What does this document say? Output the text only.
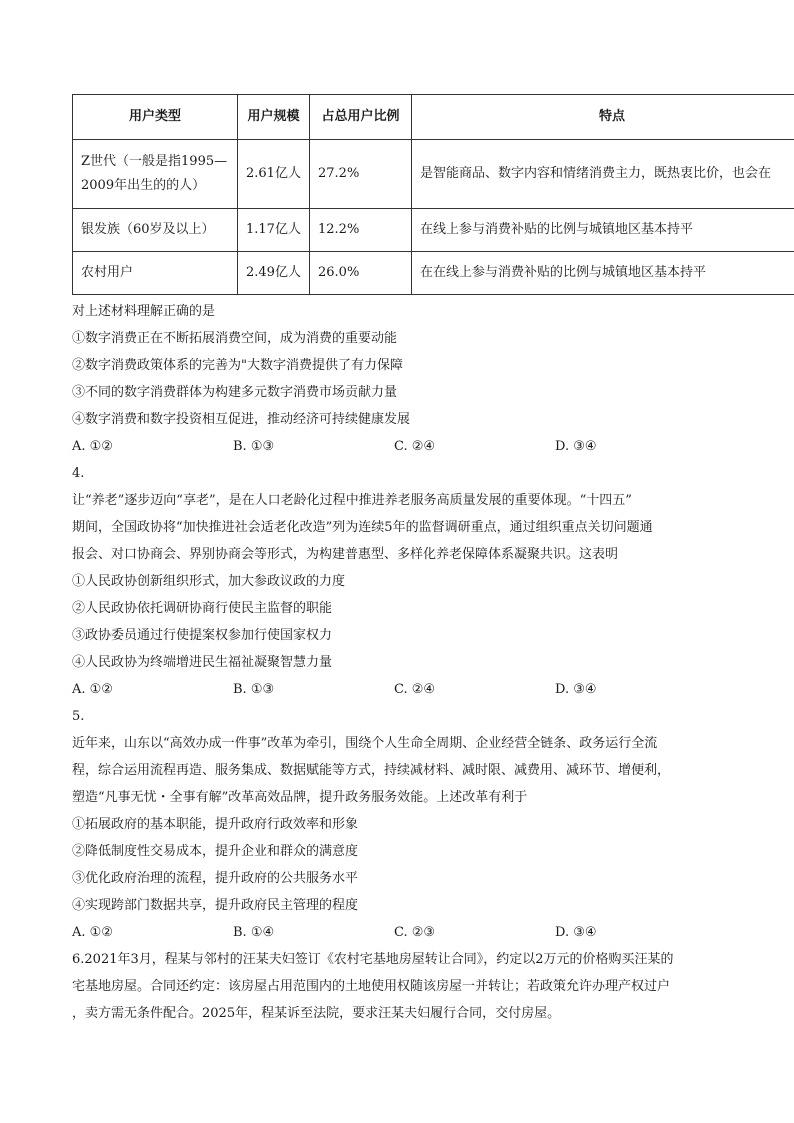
用户类型	用户规模	占总用户比例	特点

Z世代（一般是指1995—
2009年出生的的人）	2.61亿人	27.2%	是智能商品、数字内容和情绪消费主力，既热衷比价，也会在
银发族（60岁及以上）	1.17亿人	12.2%	在线上参与消费补贴的比例与城镇地区基本持平
农村用户	2.49亿人	26.0%	在在线上参与消费补贴的比例与城镇地区基本持平
对上述材料理解正确的是
①数字消费正在不断拓展消费空间，成为消费的重要动能
②数字消费政策体系的完善为"大数字消费提供了有力保障
③不同的数字消费群体为构建多元数字消费市场贡献力量
④数字消费和数字投资相互促进，推动经济可持续健康发展
A. ①②	B. ①③	C. ②④	D. ③④
4.
让“养老”逐步迈向“享老”，是在人口老龄化过程中推进养老服务高质量发展的重要体现。“十四五”
期间，全国政协将“加快推进社会适老化改造”列为连续5年的监督调研重点，通过组织重点关切问题通
报会、对口协商会、界别协商会等形式，为构建普惠型、多样化养老保障体系凝聚共识。这表明
①人民政协创新组织形式，加大参政议政的力度
②人民政协依托调研协商行使民主监督的职能
③政协委员通过行使提案权参加行使国家权力
④人民政协为终端增进民生福祉凝聚智慧力量
A. ①②	B. ①③	C. ②④	D. ③④
5.
近年来，山东以“高效办成一件事”改革为牵引，围绕个人生命全周期、企业经营全链条、政务运行全流
程，综合运用流程再造、服务集成、数据赋能等方式，持续减材料、减时限、减费用、减环节、增便利，
塑造“凡事无忧・全事有解”改革高效品牌，提升政务服务效能。上述改革有利于
①拓展政府的基本职能，提升政府行政效率和形象
②降低制度性交易成本，提升企业和群众的满意度
③优化政府治理的流程，提升政府的公共服务水平
④实现跨部门数据共享，提升政府民主管理的程度
A. ①②	B. ①④	C. ②③	D. ③④
6.2021年3月，程某与邻村的汪某夫妇签订《农村宅基地房屋转让合同》，约定以2万元的价格购买汪某的
宅基地房屋。合同还约定：该房屋占用范围内的土地使用权随该房屋一并转让；若政策允许办理产权过户
，卖方需无条件配合。2025年，程某诉至法院，要求汪某夫妇履行合同，交付房屋。
